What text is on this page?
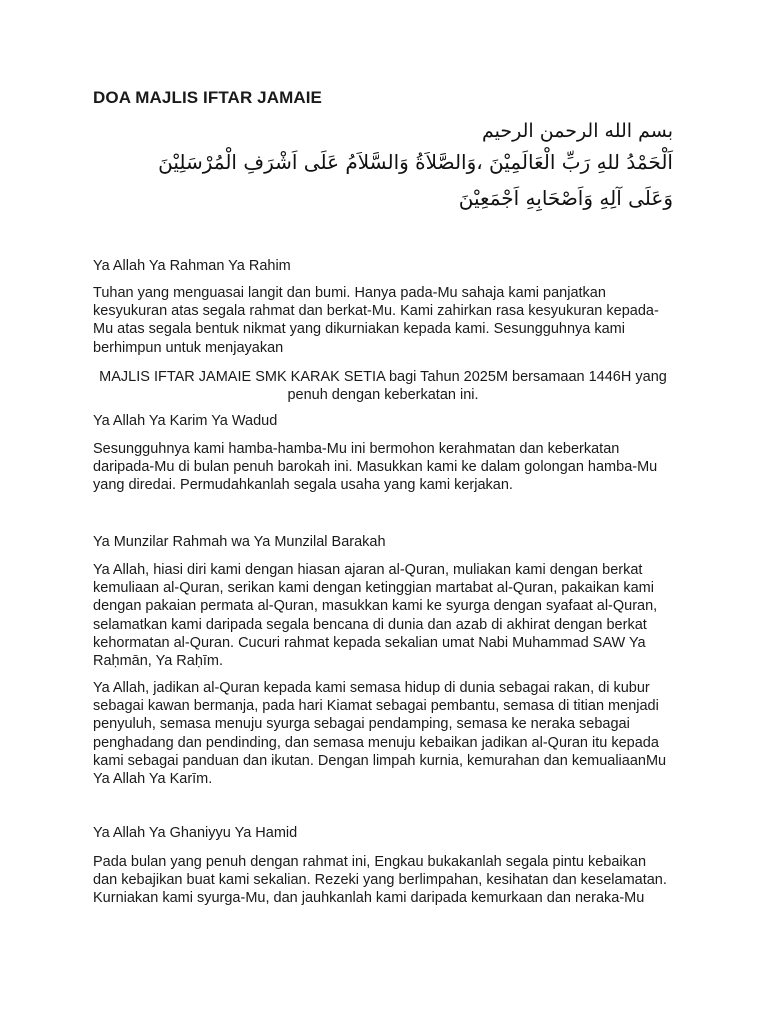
DOA MAJLIS IFTAR JAMAIE
بسم الله الرحمن الرحيم
اَلْحَمْدُ للهِ رَبِّ الْعَالَمِيْنَ ،وَالصَّلاَةُ وَالسَّلاَمُ عَلَى اَشْرَفِ الْمُرْسَلِيْنَ
وَعَلَى آلِهِ وَاَصْحَابِهِ اَجْمَعِيْنَ

Ya Allah Ya Rahman Ya Rahim

Tuhan yang menguasai langit dan bumi. Hanya pada-Mu sahaja kami panjatkan kesyukuran atas segala rahmat dan berkat-Mu. Kami zahirkan rasa kesyukuran kepada-Mu atas segala bentuk nikmat yang dikurniakan kepada kami. Sesungguhnya kami berhimpun untuk menjayakan

MAJLIS IFTAR JAMAIE SMK KARAK SETIA bagi Tahun 2025M bersamaan 1446H yang penuh dengan keberkatan ini.

Ya Allah Ya Karim Ya Wadud

Sesungguhnya kami hamba-hamba-Mu ini bermohon kerahmatan dan keberkatan daripada-Mu di bulan penuh barokah ini. Masukkan kami ke dalam golongan hamba-Mu yang diredai. Permudahkanlah segala usaha yang kami kerjakan.

Ya Munzilar Rahmah wa Ya Munzilal Barakah

Ya Allah, hiasi diri kami dengan hiasan ajaran al-Quran, muliakan kami dengan berkat kemuliaan al-Quran, serikan kami dengan ketinggian martabat al-Quran, pakaikan kami dengan pakaian permata al-Quran, masukkan kami ke syurga dengan syafaat al-Quran, selamatkan kami daripada segala bencana di dunia dan azab di akhirat dengan berkat kehormatan al-Quran. Cucuri rahmat kepada sekalian umat Nabi Muhammad SAW Ya Raḥmān, Ya Raḥīm.

Ya Allah, jadikan al-Quran kepada kami semasa hidup di dunia sebagai rakan, di kubur sebagai kawan bermanja, pada hari Kiamat sebagai pembantu, semasa di titian menjadi penyuluh, semasa menuju syurga sebagai pendamping, semasa ke neraka sebagai penghadang dan pendinding, dan semasa menuju kebaikan jadikan al-Quran itu kepada kami sebagai panduan dan ikutan. Dengan limpah kurnia, kemurahan dan kemualiaanMu Ya Allah Ya Karīm.

Ya Allah Ya Ghaniyyu Ya Hamid

Pada bulan yang penuh dengan rahmat ini, Engkau bukakanlah segala pintu kebaikan dan kebajikan buat kami sekalian. Rezeki yang berlimpahan, kesihatan dan keselamatan. Kurniakan kami syurga-Mu, dan jauhkanlah kami daripada kemurkaan dan neraka-Mu
